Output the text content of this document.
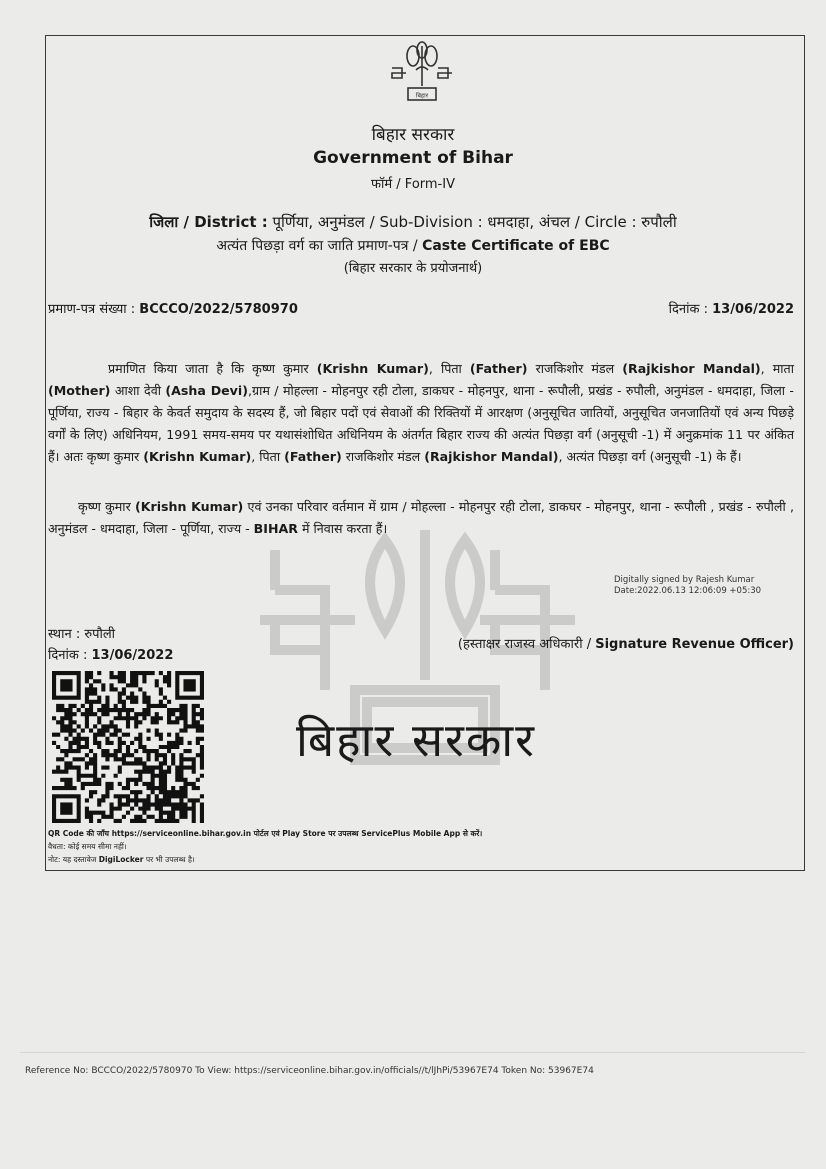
बिहार सरकार
बिहार
बिहार सरकार
Government of Bihar
फॉर्म / Form-IV
जिला / District : पूर्णिया, अनुमंडल / Sub-Division : धमदाहा, अंचल / Circle : रुपौली
अत्यंत पिछड़ा वर्ग का जाति प्रमाण-पत्र / Caste Certificate of EBC
(बिहार सरकार के प्रयोजनार्थ)
प्रमाण-पत्र संख्या : BCCCO/2022/5780970	दिनांक : 13/06/2022

प्रमाणित किया जाता है कि कृष्ण कुमार (Krishn Kumar), पिता (Father) राजकिशोर मंडल (Rajkishor Mandal), माता (Mother) आशा देवी (Asha Devi),ग्राम / मोहल्ला - मोहनपुर रही टोला, डाकघर - मोहनपुर, थाना - रूपौली, प्रखंड - रुपौली, अनुमंडल - धमदाहा, जिला - पूर्णिया, राज्य - बिहार के केवर्त समुदाय के सदस्य हैं, जो बिहार पदों एवं सेवाओं की रिक्तियों में आरक्षण (अनुसूचित जातियों, अनुसूचित जनजातियों एवं अन्य पिछड़े वर्गों के लिए) अधिनियम, 1991 समय-समय पर यथासंशोधित अधिनियम के अंतर्गत बिहार राज्य की अत्यंत पिछड़ा वर्ग (अनुसूची -1) में अनुक्रमांक 11 पर अंकित हैं। अतः कृष्ण कुमार (Krishn Kumar), पिता (Father) राजकिशोर मंडल (Rajkishor Mandal), अत्यंत पिछड़ा वर्ग (अनुसूची -1) के हैं।

कृष्ण कुमार (Krishn Kumar) एवं उनका परिवार वर्तमान में ग्राम / मोहल्ला - मोहनपुर रही टोला, डाकघर - मोहनपुर, थाना - रूपौली , प्रखंड - रुपौली , अनुमंडल - धमदाहा, जिला - पूर्णिया, राज्य - BIHAR में निवास करता हैं।

Digitally signed by Rajesh Kumar
Date:2022.06.13 12:06:09 +05:30
स्थान : रुपौली
दिनांक : 13/06/2022
(हस्ताक्षर राजस्व अधिकारी / Signature Revenue Officer)
QR Code की जाँच https://serviceonline.bihar.gov.in पोर्टल एवं Play Store पर उपलब्ध ServicePlus Mobile App से करें।
वैधता: कोई समय सीमा नहीं।
नोट: यह दस्तावेज DigiLocker पर भी उपलब्ध है।
Reference No: BCCCO/2022/5780970 To View: https://serviceonline.bihar.gov.in/officials//t/lJhPi/53967E74 Token No: 53967E74
